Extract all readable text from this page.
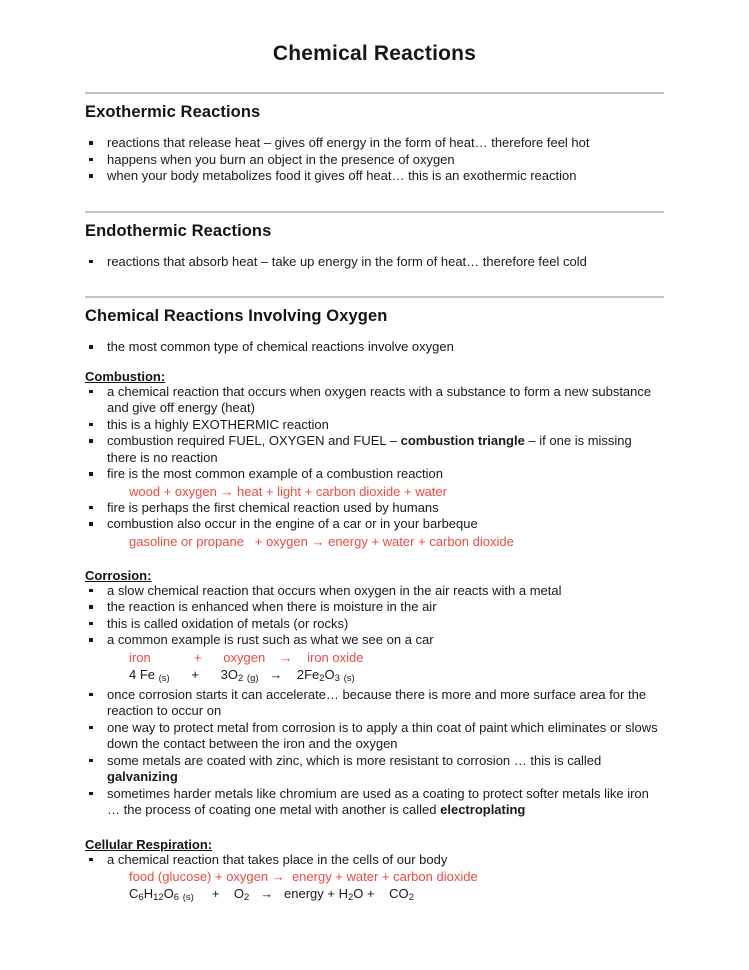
Chemical Reactions
Exothermic Reactions
reactions that release heat – gives off energy in the form of heat… therefore feel hot
happens when you burn an object in the presence of oxygen
when your body metabolizes food it gives off heat… this is an exothermic reaction
Endothermic Reactions
reactions that absorb heat – take up energy in the form of heat… therefore feel cold
Chemical Reactions Involving Oxygen
the most common type of chemical reactions involve oxygen

Combustion:

a chemical reaction that occurs when oxygen reacts with a substance to form a new substance and give off energy (heat)
this is a highly EXOTHERMIC reaction
combustion required FUEL, OXYGEN and FUEL – combustion triangle – if one is missing there is no reaction
fire is the most common example of a combustion reaction
wood + oxygen → heat + light + carbon dioxide + water
fire is perhaps the first chemical reaction used by humans
combustion also occur in the engine of a car or in your barbeque
gasoline or propane   + oxygen → energy + water + carbon dioxide

Corrosion:

a slow chemical reaction that occurs when oxygen in the air reacts with a metal
the reaction is enhanced when there is moisture in the air
this is called oxidation of metals (or rocks)
a common example is rust such as what we see on a car
iron            +      oxygen    →    iron oxide
4 Fe $(s) + 3O_2$ $(g) \to 2Fe_2O_3$ (s)
once corrosion starts it can accelerate… because there is more and more surface area for the reaction to occur on
one way to protect metal from corrosion is to apply a thin coat of paint which eliminates or slows down the contact between the iron and the oxygen
some metals are coated with zinc, which is more resistant to corrosion … this is called galvanizing
sometimes harder metals like chromium are used as a coating to protect softer metals like iron … the process of coating one metal with another is called electroplating

Cellular Respiration:

a chemical reaction that takes place in the cells of our body
food (glucose) + oxygen →  energy + water + carbon dioxide
$C_6H_{12}O_6$ $(s) + O_2$ → energy + $H_2O + CO_2$
